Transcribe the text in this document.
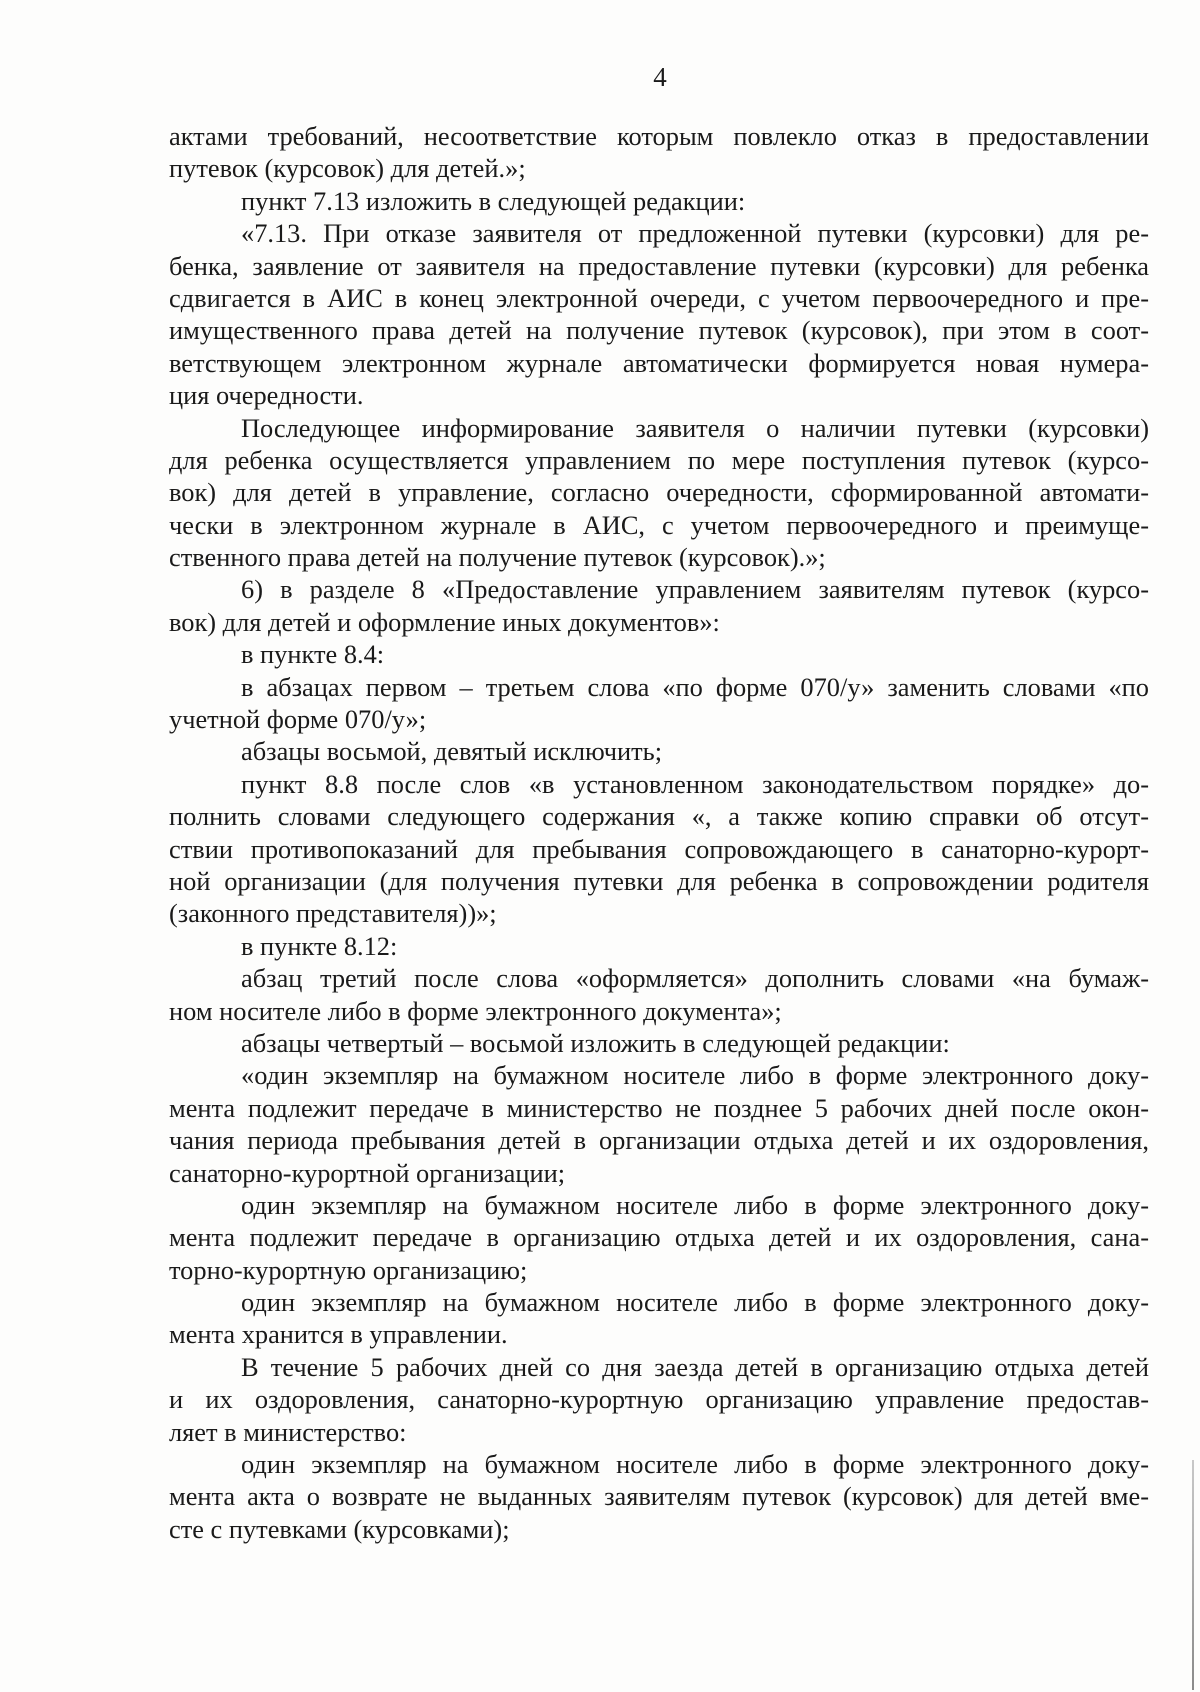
4
актами требований, несоответствие которым повлекло отказ в предоставлении
путевок (курсовок) для детей.»;
пункт 7.13 изложить в следующей редакции:
«7.13. При отказе заявителя от предложенной путевки (курсовки) для ре-
бенка, заявление от заявителя на предоставление путевки (курсовки) для ребенка
сдвигается в АИС в конец электронной очереди, с учетом первоочередного и пре-
имущественного права детей на получение путевок (курсовок), при этом в соот-
ветствующем электронном журнале автоматически формируется новая нумера-
ция очередности.
Последующее информирование заявителя о наличии путевки (курсовки)
для ребенка осуществляется управлением по мере поступления путевок (курсо-
вок) для детей в управление, согласно очередности, сформированной автомати-
чески в электронном журнале в АИС, с учетом первоочередного и преимуще-
ственного права детей на получение путевок (курсовок).»;
6) в разделе 8 «Предоставление управлением заявителям путевок (курсо-
вок) для детей и оформление иных документов»:
в пункте 8.4:
в абзацах первом – третьем слова «по форме 070/у» заменить словами «по
учетной форме 070/у»;
абзацы восьмой, девятый исключить;
пункт 8.8 после слов «в установленном законодательством порядке» до-
полнить словами следующего содержания «, а также копию справки об отсут-
ствии противопоказаний для пребывания сопровождающего в санаторно-курорт-
ной организации (для получения путевки для ребенка в сопровождении родителя
(законного представителя))»;
в пункте 8.12:
абзац третий после слова «оформляется» дополнить словами «на бумаж-
ном носителе либо в форме электронного документа»;
абзацы четвертый – восьмой изложить в следующей редакции:
«один экземпляр на бумажном носителе либо в форме электронного доку-
мента подлежит передаче в министерство не позднее 5 рабочих дней после окон-
чания периода пребывания детей в организации отдыха детей и их оздоровления,
санаторно-курортной организации;
один экземпляр на бумажном носителе либо в форме электронного доку-
мента подлежит передаче в организацию отдыха детей и их оздоровления, сана-
торно-курортную организацию;
один экземпляр на бумажном носителе либо в форме электронного доку-
мента хранится в управлении.
В течение 5 рабочих дней со дня заезда детей в организацию отдыха детей
и их оздоровления, санаторно-курортную организацию управление предостав-
ляет в министерство:
один экземпляр на бумажном носителе либо в форме электронного доку-
мента акта о возврате не выданных заявителям путевок (курсовок) для детей вме-
сте с путевками (курсовками);
